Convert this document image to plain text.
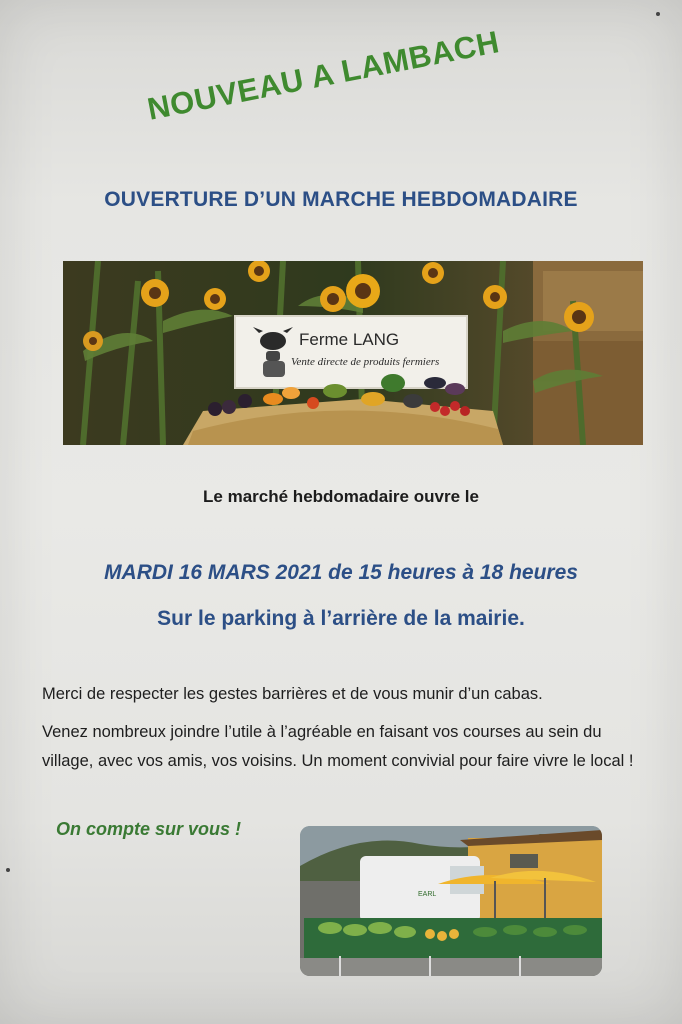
NOUVEAU A LAMBACH
OUVERTURE D’UN MARCHE HEBDOMADAIRE
Ferme LANG
Vente directe de produits fermiers

Le marché hebdomadaire ouvre le

MARDI 16 MARS 2021 de 15 heures à 18 heures

Sur le parking à l’arrière de la mairie.

Merci de respecter les gestes barrières et de vous munir d’un cabas.

Venez nombreux joindre l’utile à l’agréable en faisant vos courses au sein du village, avec vos amis, vos voisins. Un moment convivial pour faire vivre le local !

On compte sur vous !

EARL
